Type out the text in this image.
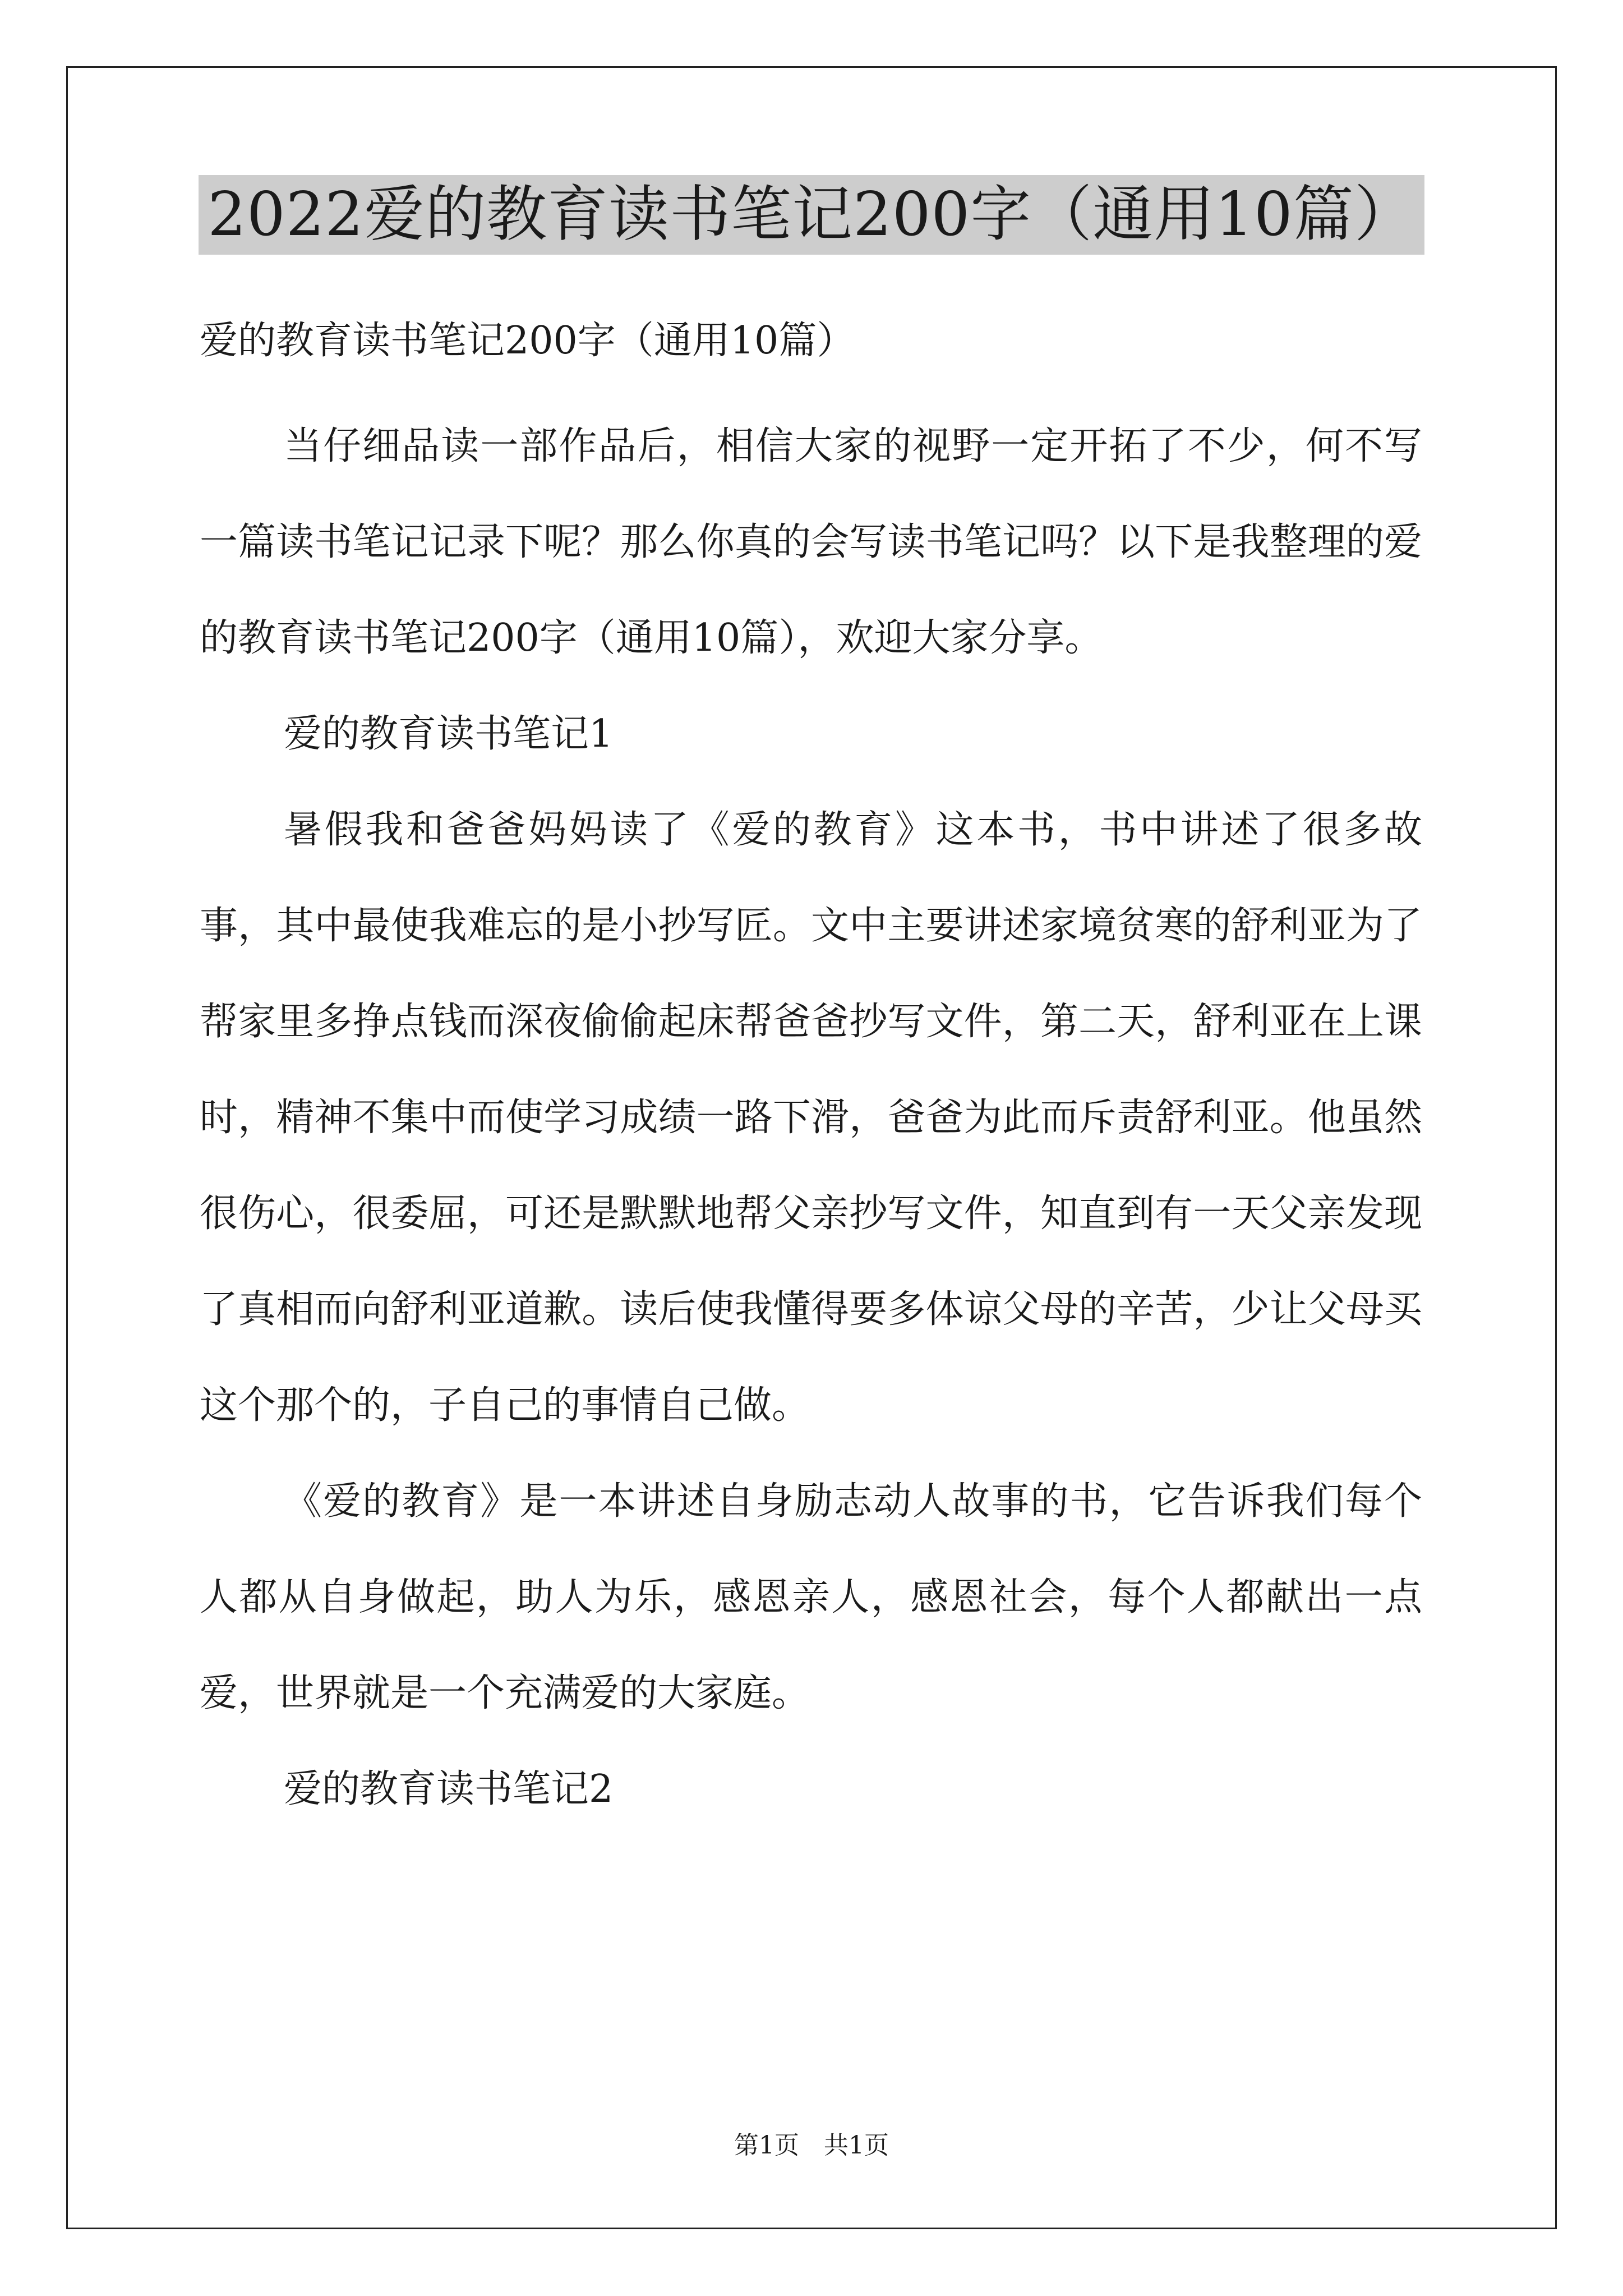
2022爱的教育读书笔记200字（通用10篇）
爱的教育读书笔记200字（通用10篇）

当仔细品读一部作品后，相信大家的视野一定开拓了不少，何不写一篇读书笔记记录下呢？那么你真的会写读书笔记吗？以下是我整理的爱的教育读书笔记200字（通用10篇），欢迎大家分享。

爱的教育读书笔记1

暑假我和爸爸妈妈读了《爱的教育》这本书，书中讲述了很多故事，其中最使我难忘的是小抄写匠。文中主要讲述家境贫寒的舒利亚为了帮家里多挣点钱而深夜偷偷起床帮爸爸抄写文件，第二天，舒利亚在上课时，精神不集中而使学习成绩一路下滑，爸爸为此而斥责舒利亚。他虽然很伤心，很委屈，可还是默默地帮父亲抄写文件，知直到有一天父亲发现了真相而向舒利亚道歉。读后使我懂得要多体谅父母的辛苦，少让父母买这个那个的，子自己的事情自己做。

《爱的教育》是一本讲述自身励志动人故事的书，它告诉我们每个人都从自身做起，助人为乐，感恩亲人，感恩社会，每个人都献出一点爱，世界就是一个充满爱的大家庭。

爱的教育读书笔记2

第1页 共1页
